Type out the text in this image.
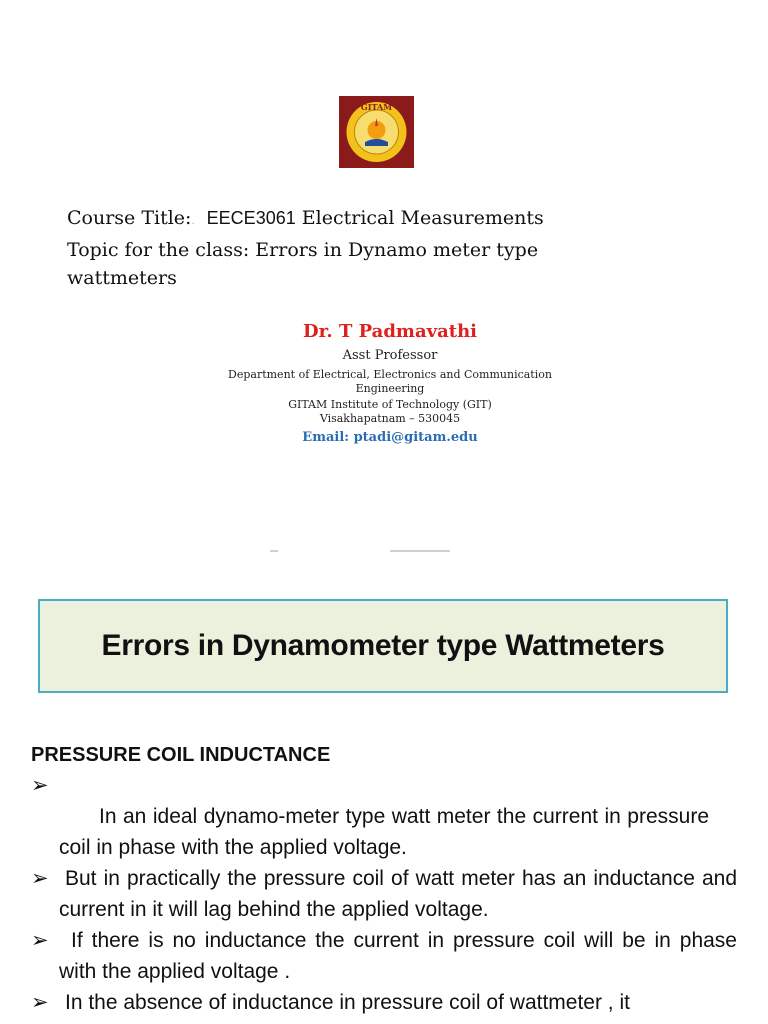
GITAM
Course Title:​. EECE3061 Electrical Measurements
Topic for the class: Errors in Dynamo meter type
wattmeters
Dr. T Padmavathi
Asst Professor
Department of Electrical, Electronics and Communication
Engineering
GITAM Institute of Technology (GIT)
Visakhapatnam – 530045
Email: ptadi@gitam.edu
Errors in Dynamometer type Wattmeters
PRESSURE COIL INDUCTANCE
➢
In an ideal dynamo-meter type watt meter the current in pressure coil in phase with the applied voltage.
➢ But in practically the pressure coil of watt meter has an inductance and current in it will lag behind the applied voltage.
➢ If there is no inductance the current in pressure coil will be in phase with the applied voltage .
➢ In the absence of inductance in pressure coil of wattmeter , it
